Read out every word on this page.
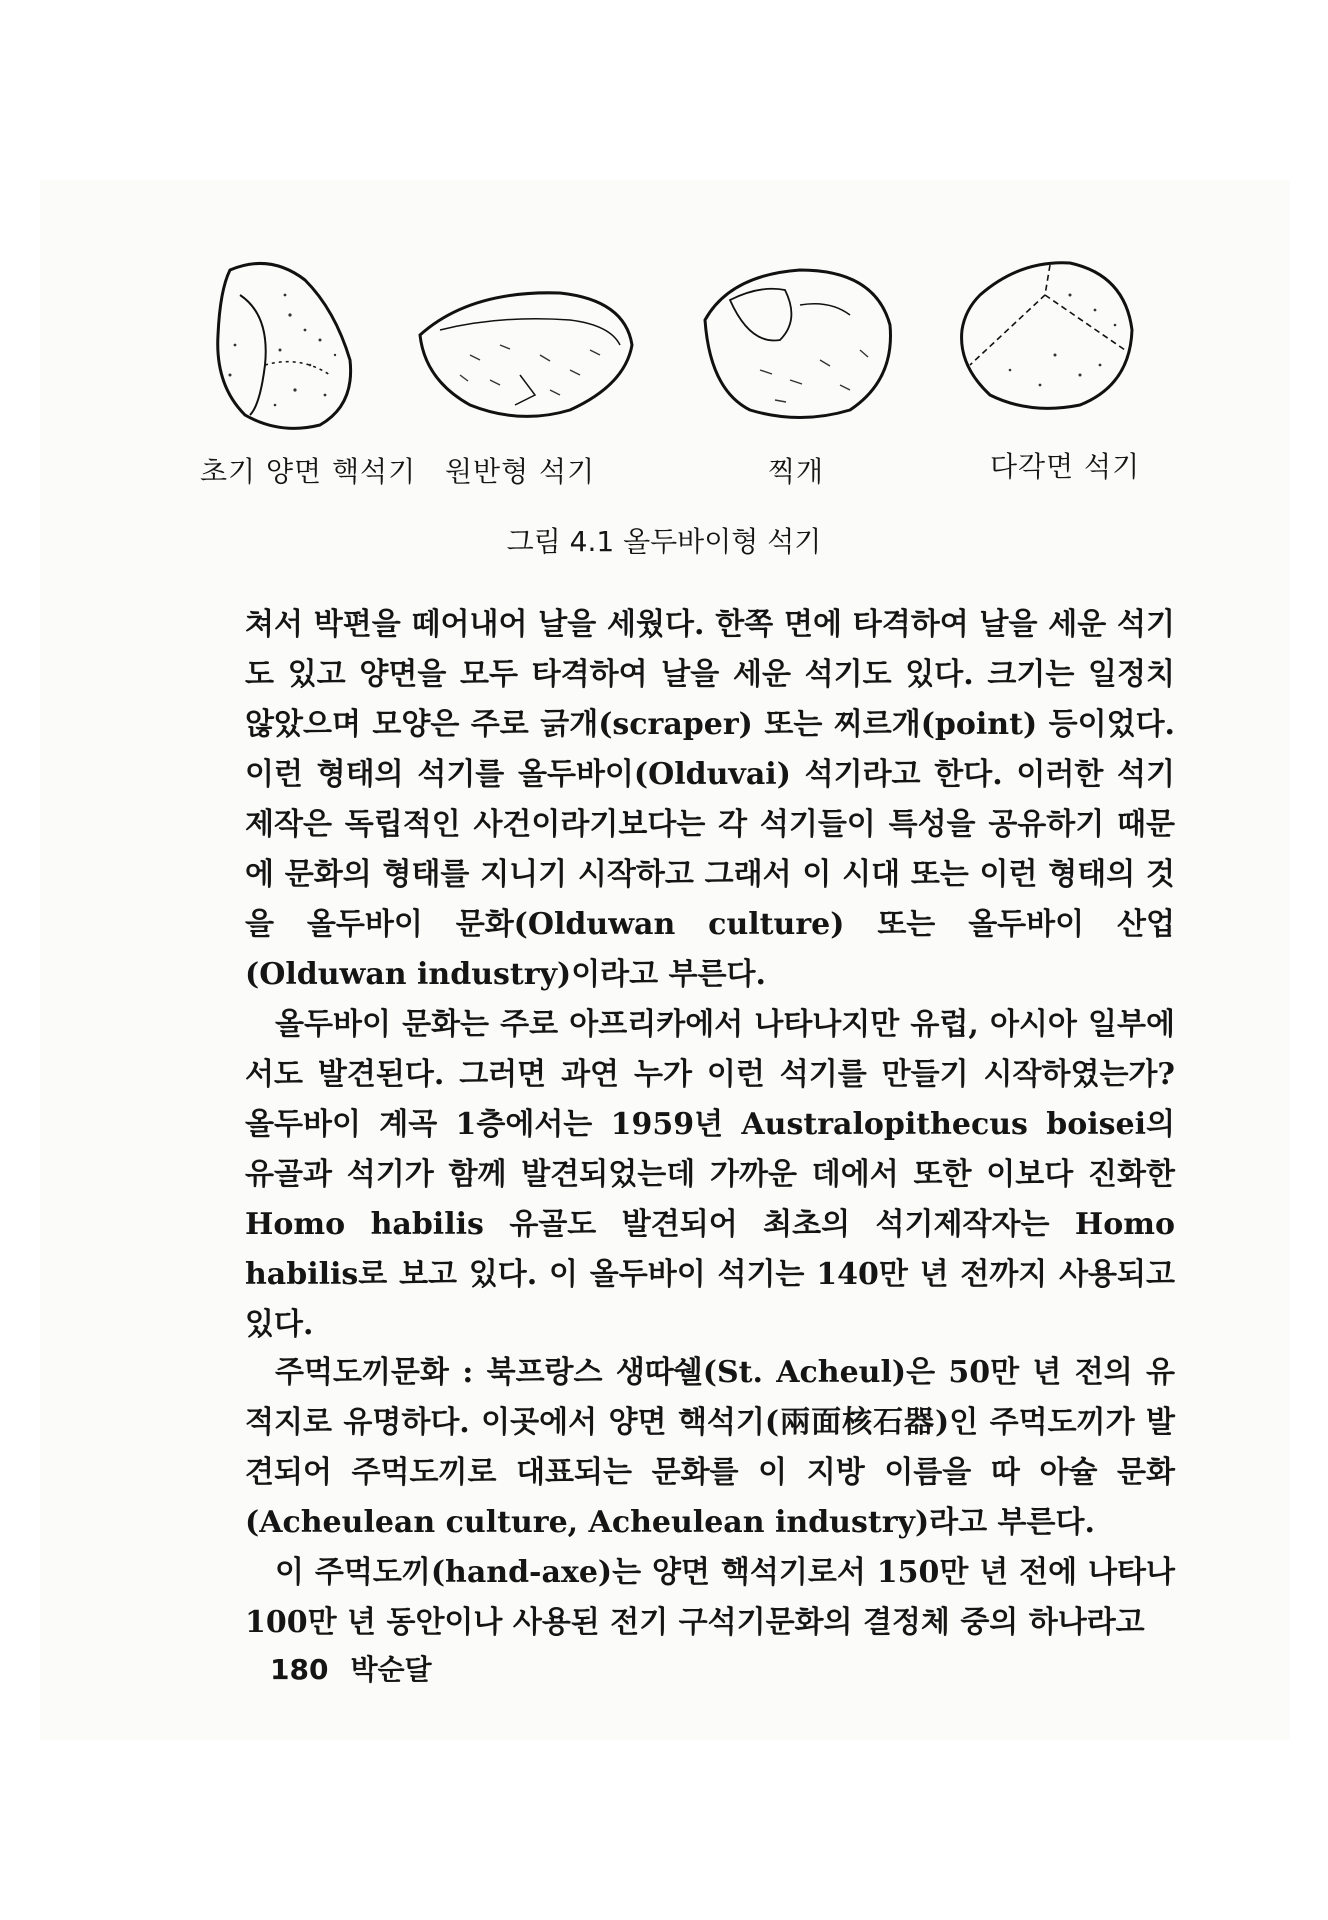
초기 양면 핵석기 원반형 석기	찍개	다각면 석기
그림 4.1 올두바이형 석기

쳐서 박편을 떼어내어 날을 세웠다. 한쪽 면에 타격하여 날을 세운 석기도 있고 양면을 모두 타격하여 날을 세운 석기도 있다. 크기는 일정치 않았으며 모양은 주로 긁개(scraper) 또는 찌르개(point) 등이었다. 이런 형태의 석기를 올두바이(Olduvai) 석기라고 한다. 이러한 석기 제작은 독립적인 사건이라기보다는 각 석기들이 특성을 공유하기 때문에 문화의 형태를 지니기 시작하고 그래서 이 시대 또는 이런 형태의 것을 올두바이 문화(Olduwan culture) 또는 올두바이 산업(Olduwan industry)이라고 부른다.

올두바이 문화는 주로 아프리카에서 나타나지만 유럽, 아시아 일부에서도 발견된다. 그러면 과연 누가 이런 석기를 만들기 시작하였는가? 올두바이 계곡 1층에서는 1959년 Australopithecus boisei의 유골과 석기가 함께 발견되었는데 가까운 데에서 또한 이보다 진화한 Homo habilis 유골도 발견되어 최초의 석기제작자는 Homo habilis로 보고 있다. 이 올두바이 석기는 140만 년 전까지 사용되고 있다.

주먹도끼문화 : 북프랑스 생따쉘(St. Acheul)은 50만 년 전의 유적지로 유명하다. 이곳에서 양면 핵석기(兩面核石器)인 주먹도끼가 발견되어 주먹도끼로 대표되는 문화를 이 지방 이름을 따 아슐 문화(Acheulean culture, Acheulean industry)라고 부른다.

이 주먹도끼(hand-axe)는 양면 핵석기로서 150만 년 전에 나타나 100만 년 동안이나 사용된 전기 구석기문화의 결정체 중의 하나라고

180 박순달
